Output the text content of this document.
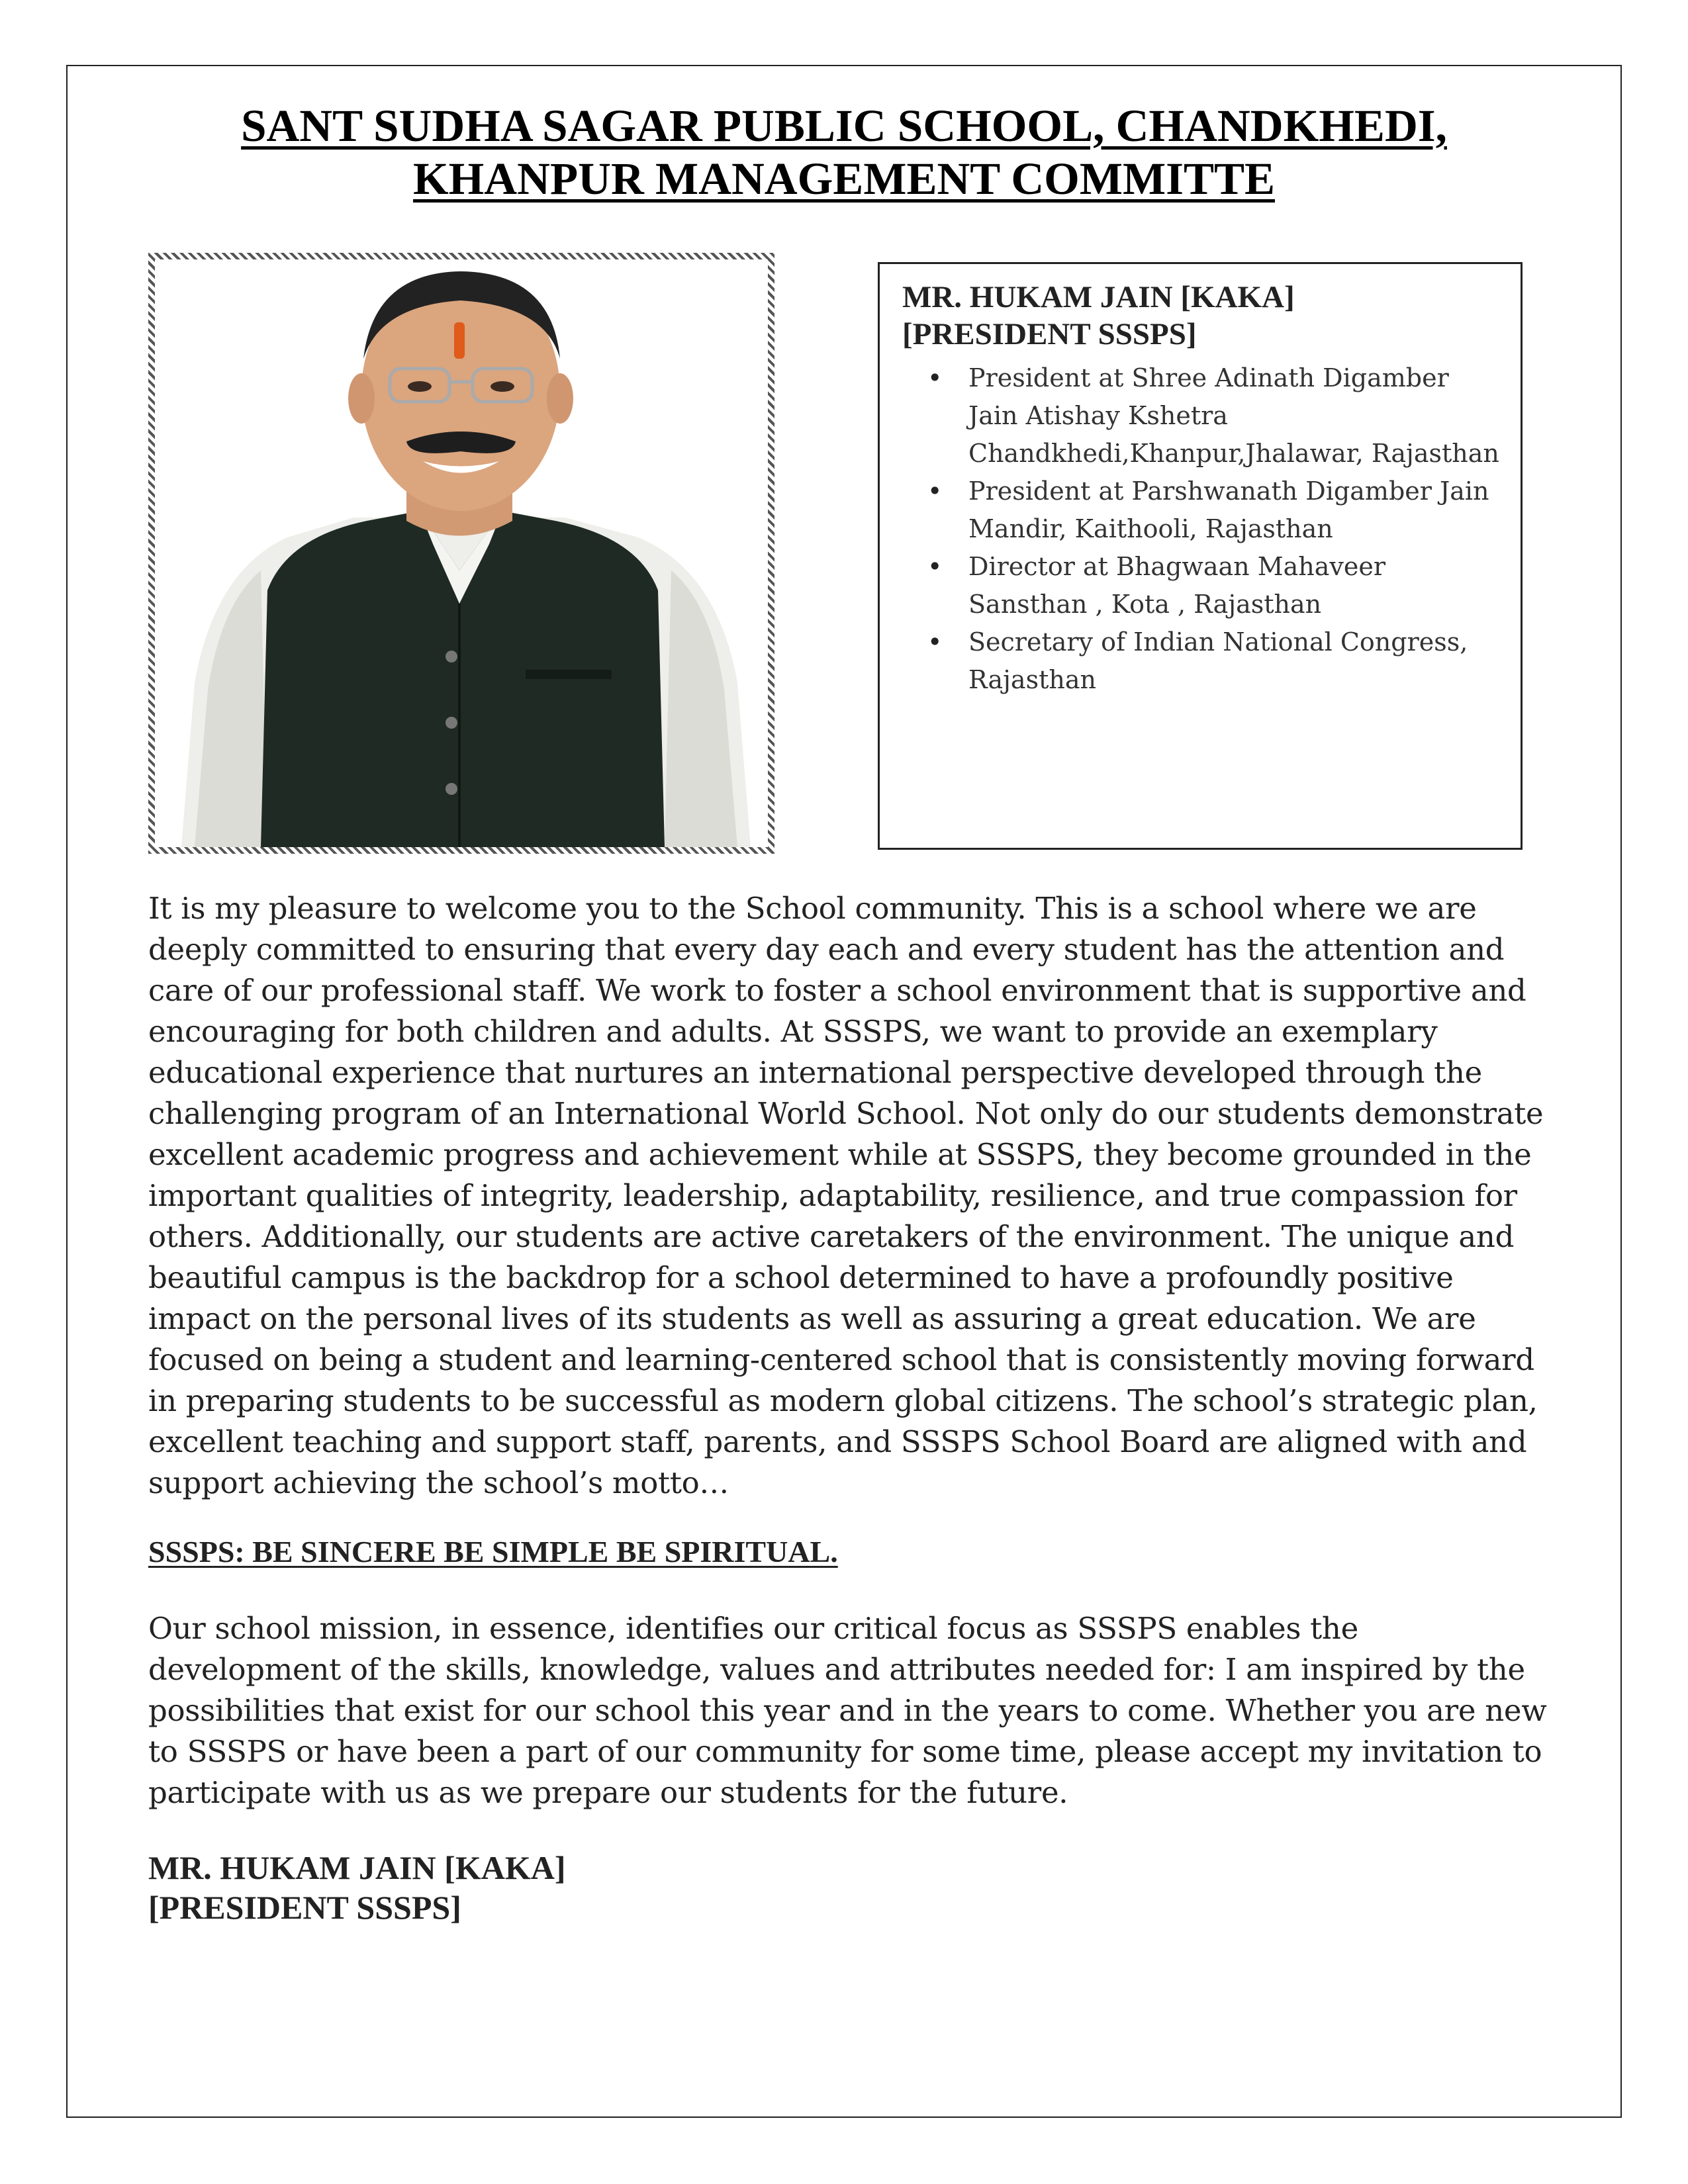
SANT SUDHA SAGAR PUBLIC SCHOOL, CHANDKHEDI,
KHANPUR MANAGEMENT COMMITTE

MR. HUKAM JAIN [KAKA]
[PRESIDENT SSSPS]

• President at Shree Adinath Digamber Jain Atishay Kshetra Chandkhedi,Khanpur,Jhalawar, Rajasthan
• President at Parshwanath Digamber Jain Mandir, Kaithooli, Rajasthan
• Director at Bhagwaan Mahaveer Sansthan , Kota , Rajasthan
• Secretary of Indian National Congress, Rajasthan

It is my pleasure to welcome you to the School community. This is a school where we are deeply committed to ensuring that every day each and every student has the attention and care of our professional staff. We work to foster a school environment that is supportive and encouraging for both children and adults. At SSSPS, we want to provide an exemplary educational experience that nurtures an international perspective developed through the challenging program of an International World School. Not only do our students demonstrate excellent academic progress and achievement while at SSSPS, they become grounded in the important qualities of integrity, leadership, adaptability, resilience, and true compassion for others. Additionally, our students are active caretakers of the environment. The unique and beautiful campus is the backdrop for a school determined to have a profoundly positive impact on the personal lives of its students as well as assuring a great education. We are focused on being a student and learning-centered school that is consistently moving forward in preparing students to be successful as modern global citizens. The school’s strategic plan, excellent teaching and support staff, parents, and SSSPS School Board are aligned with and support achieving the school’s motto…

SSSPS: BE SINCERE BE SIMPLE BE SPIRITUAL.

Our school mission, in essence, identifies our critical focus as SSSPS enables the development of the skills, knowledge, values and attributes needed for: I am inspired by the possibilities that exist for our school this year and in the years to come. Whether you are new to SSSPS or have been a part of our community for some time, please accept my invitation to participate with us as we prepare our students for the future.

MR. HUKAM JAIN [KAKA]
[PRESIDENT SSSPS]
